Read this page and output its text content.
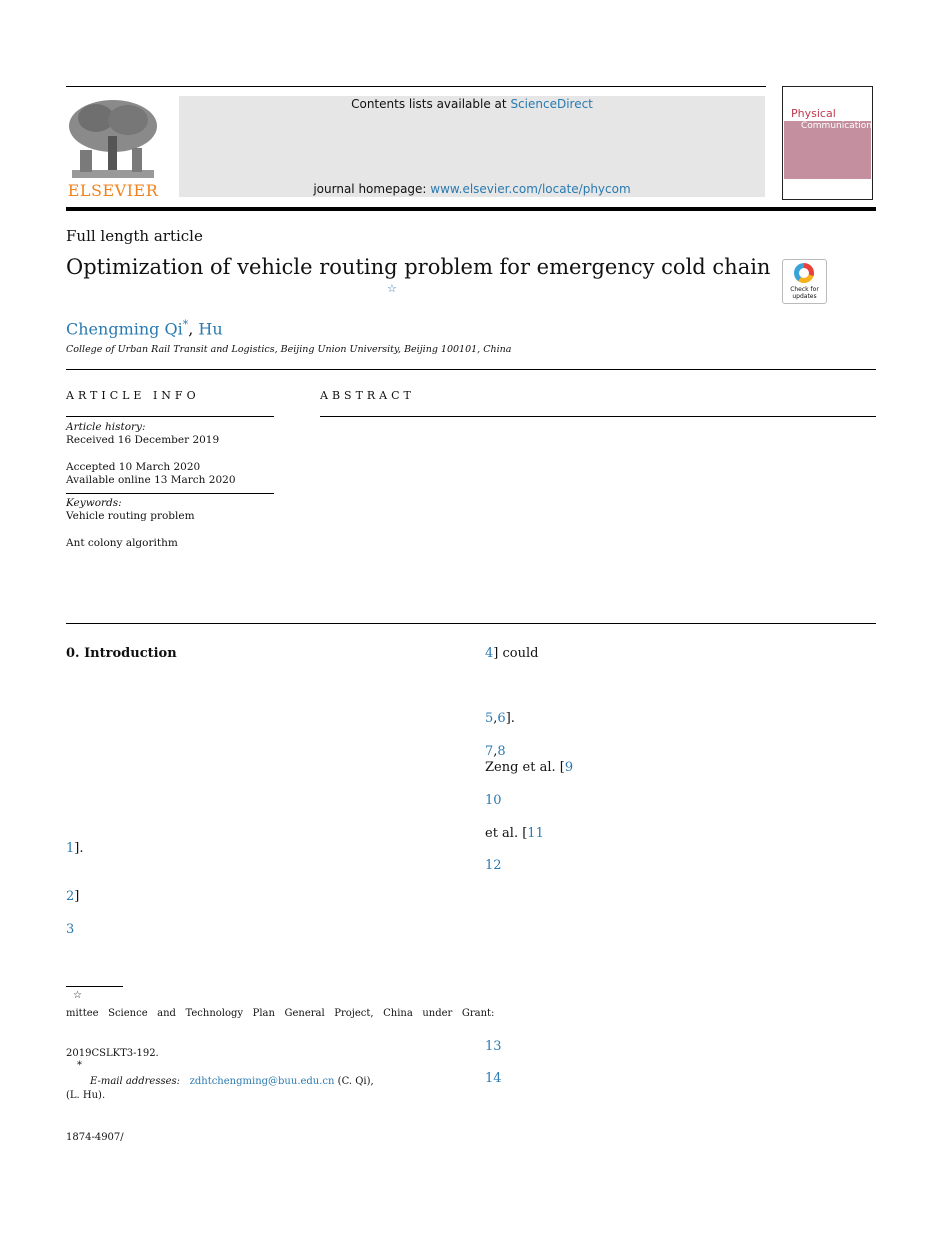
ELSEVIER
Contents lists available at ScienceDirect
journal homepage: www.elsevier.com/locate/phycom
Physical
Communication
Full length article
Optimization of vehicle routing problem for emergency cold chain
☆	Check for updates
Chengming Qi*, Hu
College of Urban Rail Transit and Logistics, Beijing Union University, Beijing 100101, China
ARTICLE INFO
Article history:
Received 16 December 2019
Accepted 10 March 2020
Available online 13 March 2020
Keywords:
Vehicle routing problem
Ant colony algorithm
ABSTRACT
0. Introduction
1].
2]
3
4] could
5,6].
7,8
Zeng et al. [9
10
et al. [11
12
13
14
☆
mittee   Science   and   Technology   Plan   General   Project,   China   under   Grant:
2019CSLKT3-192.
*
E-mail addresses: zdhtchengming@buu.edu.cn (C. Qi),
(L. Hu).
1874-4907/
